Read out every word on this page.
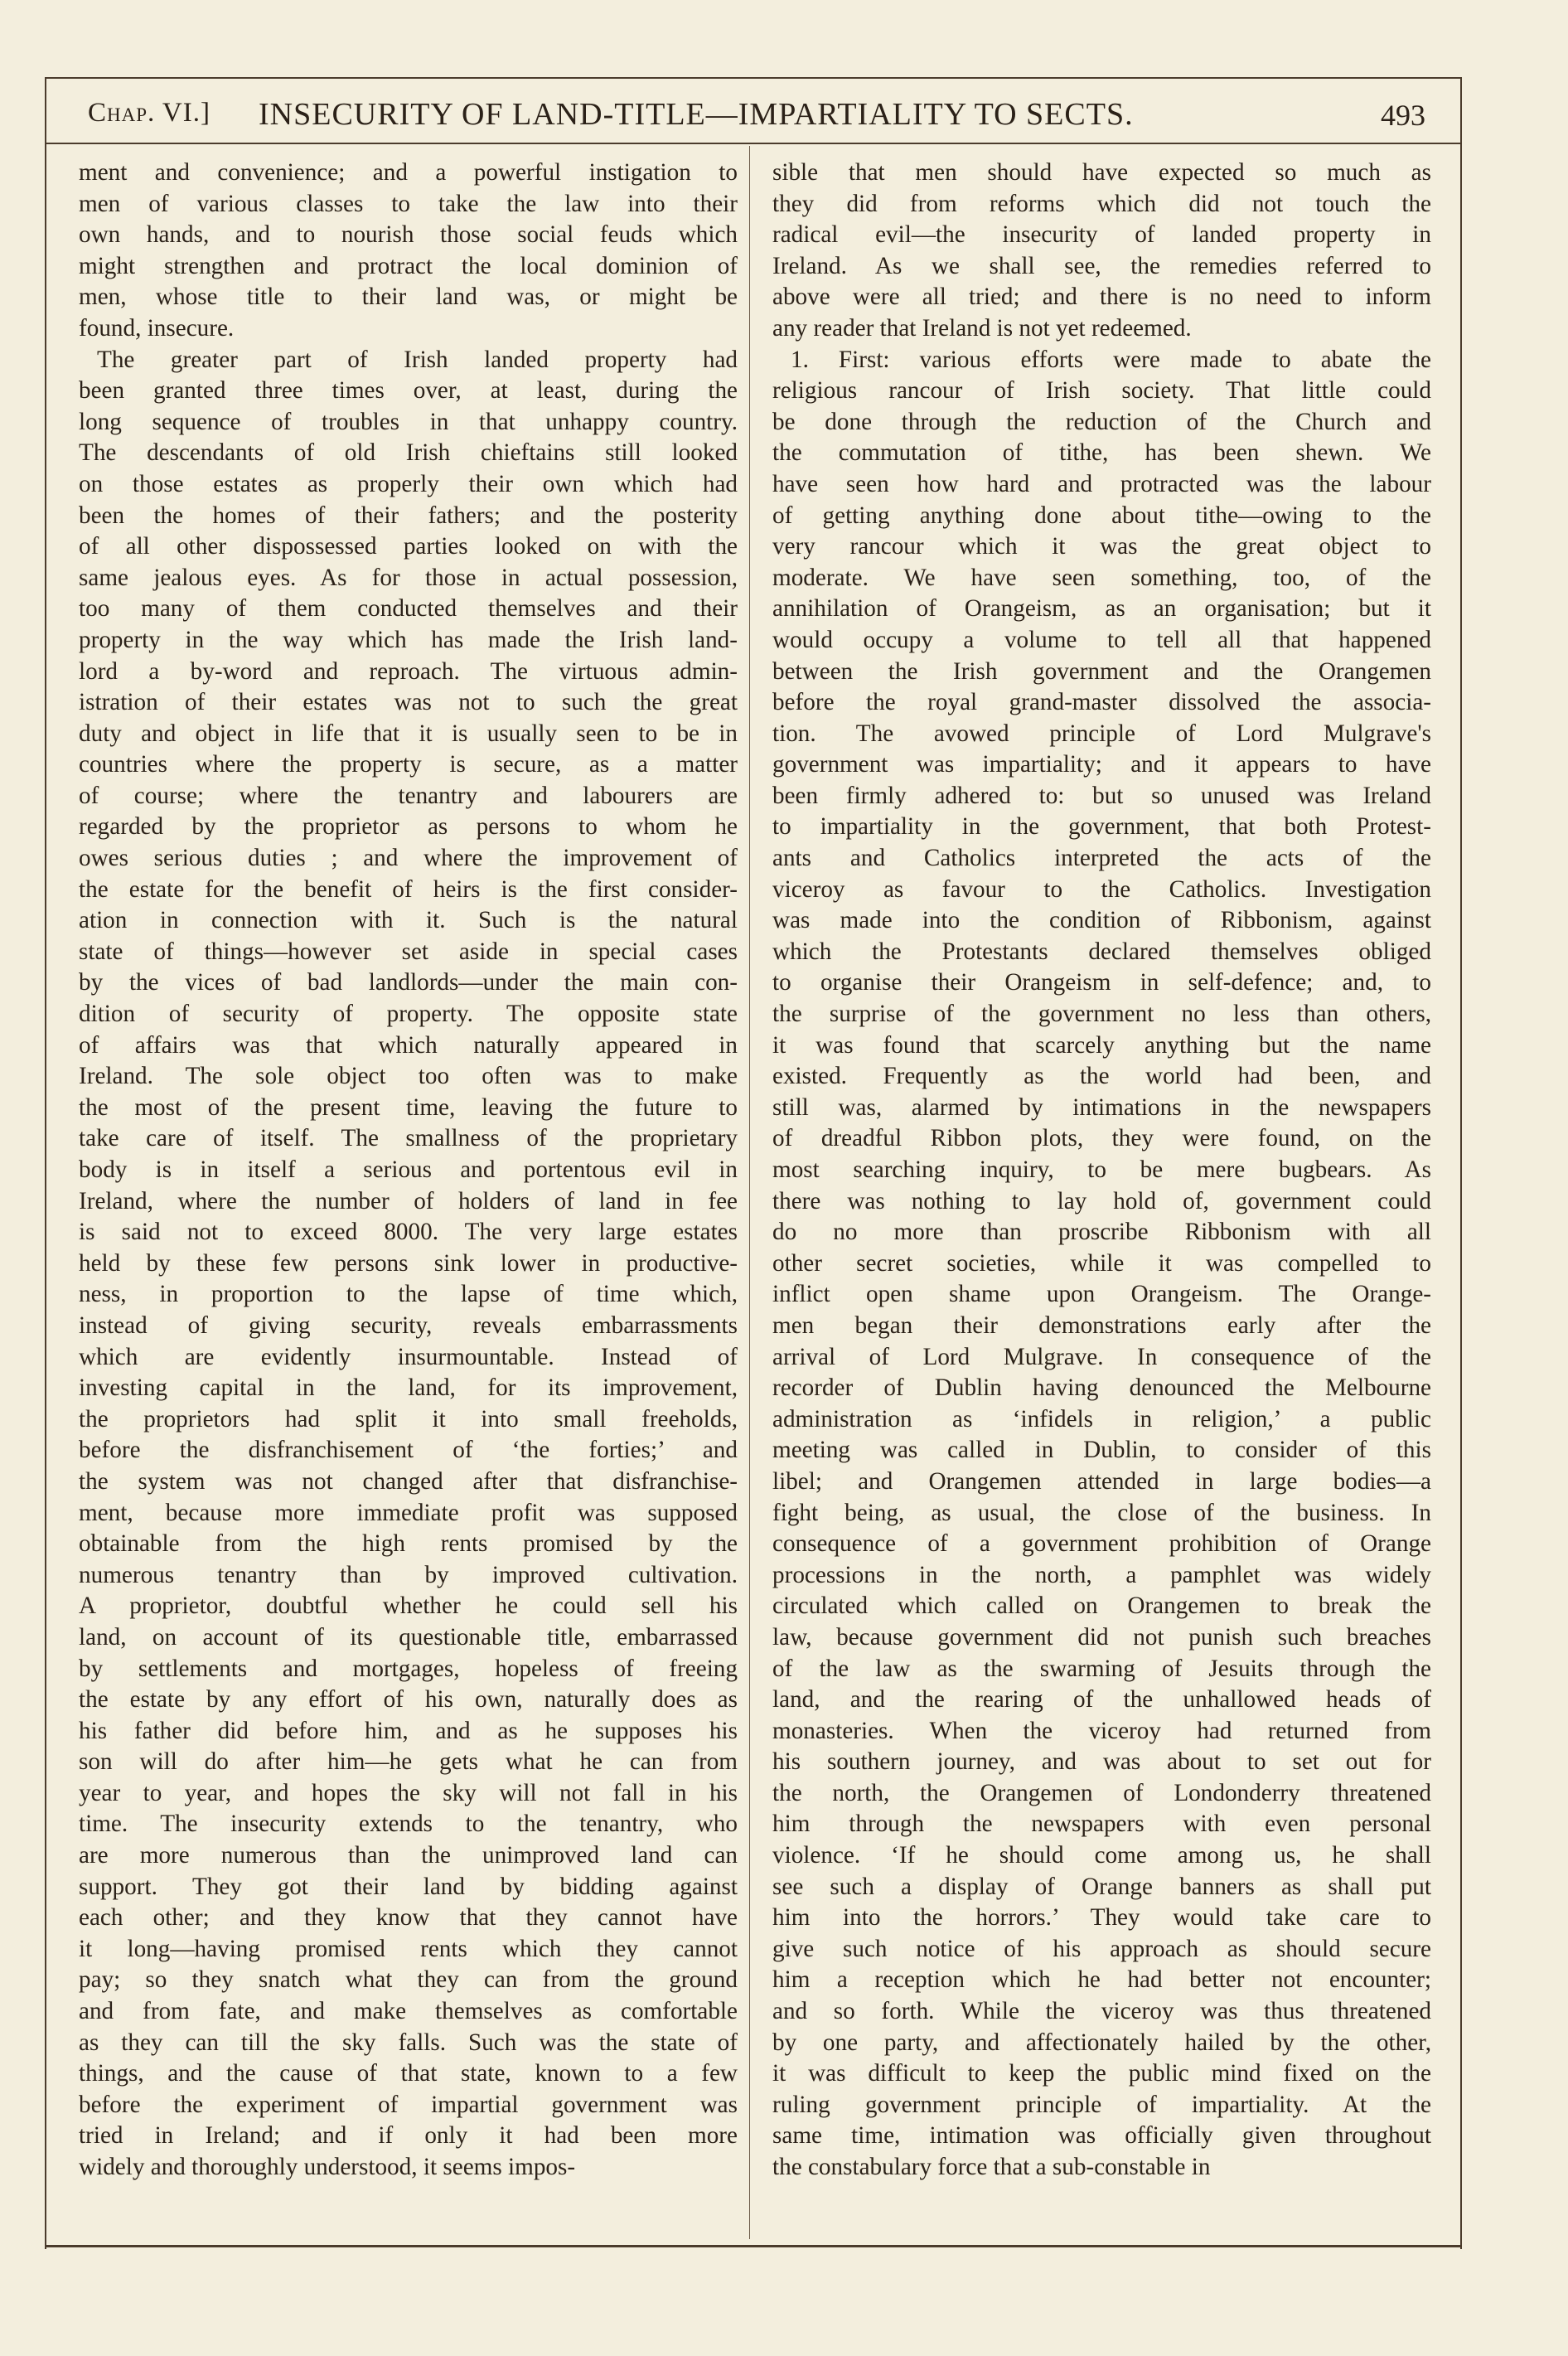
Chap. VI.] INSECURITY OF LAND-TITLE—IMPARTIALITY TO SECTS.	493
ment and convenience; and a powerful instigation to
men of various classes to take the law into their
own hands, and to nourish those social feuds which
might strengthen and protract the local dominion of
men, whose title to their land was, or might be
found, insecure.
The greater part of Irish landed property had
been granted three times over, at least, during the
long sequence of troubles in that unhappy country.
The descendants of old Irish chieftains still looked
on those estates as properly their own which had
been the homes of their fathers; and the posterity
of all other dispossessed parties looked on with the
same jealous eyes. As for those in actual possession,
too many of them conducted themselves and their
property in the way which has made the Irish land-
lord a by-word and reproach. The virtuous admin-
istration of their estates was not to such the great
duty and object in life that it is usually seen to be in
countries where the property is secure, as a matter
of course; where the tenantry and labourers are
regarded by the proprietor as persons to whom he
owes serious duties ; and where the improvement of
the estate for the benefit of heirs is the first consider-
ation in connection with it. Such is the natural
state of things—however set aside in special cases
by the vices of bad landlords—under the main con-
dition of security of property. The opposite state
of affairs was that which naturally appeared in
Ireland. The sole object too often was to make
the most of the present time, leaving the future to
take care of itself. The smallness of the proprietary
body is in itself a serious and portentous evil in
Ireland, where the number of holders of land in fee
is said not to exceed 8000. The very large estates
held by these few persons sink lower in productive-
ness, in proportion to the lapse of time which,
instead of giving security, reveals embarrassments
which are evidently insurmountable. Instead of
investing capital in the land, for its improvement,
the proprietors had split it into small freeholds,
before the disfranchisement of ‘the forties;’ and
the system was not changed after that disfranchise-
ment, because more immediate profit was supposed
obtainable from the high rents promised by the
numerous tenantry than by improved cultivation.
A proprietor, doubtful whether he could sell his
land, on account of its questionable title, embarrassed
by settlements and mortgages, hopeless of freeing
the estate by any effort of his own, naturally does as
his father did before him, and as he supposes his
son will do after him—he gets what he can from
year to year, and hopes the sky will not fall in his
time. The insecurity extends to the tenantry, who
are more numerous than the unimproved land can
support. They got their land by bidding against
each other; and they know that they cannot have
it long—having promised rents which they cannot
pay; so they snatch what they can from the ground
and from fate, and make themselves as comfortable
as they can till the sky falls. Such was the state of
things, and the cause of that state, known to a few
before the experiment of impartial government was
tried in Ireland; and if only it had been more
widely and thoroughly understood, it seems impos-
sible that men should have expected so much as
they did from reforms which did not touch the
radical evil—the insecurity of landed property in
Ireland. As we shall see, the remedies referred to
above were all tried; and there is no need to inform
any reader that Ireland is not yet redeemed.
1. First: various efforts were made to abate the
religious rancour of Irish society. That little could
be done through the reduction of the Church and
the commutation of tithe, has been shewn. We
have seen how hard and protracted was the labour
of getting anything done about tithe—owing to the
very rancour which it was the great object to
moderate. We have seen something, too, of the
annihilation of Orangeism, as an organisation; but it
would occupy a volume to tell all that happened
between the Irish government and the Orangemen
before the royal grand-master dissolved the associa-
tion. The avowed principle of Lord Mulgrave's
government was impartiality; and it appears to have
been firmly adhered to: but so unused was Ireland
to impartiality in the government, that both Protest-
ants and Catholics interpreted the acts of the
viceroy as favour to the Catholics. Investigation
was made into the condition of Ribbonism, against
which the Protestants declared themselves obliged
to organise their Orangeism in self-defence; and, to
the surprise of the government no less than others,
it was found that scarcely anything but the name
existed. Frequently as the world had been, and
still was, alarmed by intimations in the newspapers
of dreadful Ribbon plots, they were found, on the
most searching inquiry, to be mere bugbears. As
there was nothing to lay hold of, government could
do no more than proscribe Ribbonism with all
other secret societies, while it was compelled to
inflict open shame upon Orangeism. The Orange-
men began their demonstrations early after the
arrival of Lord Mulgrave. In consequence of the
recorder of Dublin having denounced the Melbourne
administration as ‘infidels in religion,’ a public
meeting was called in Dublin, to consider of this
libel; and Orangemen attended in large bodies—a
fight being, as usual, the close of the business. In
consequence of a government prohibition of Orange
processions in the north, a pamphlet was widely
circulated which called on Orangemen to break the
law, because government did not punish such breaches
of the law as the swarming of Jesuits through the
land, and the rearing of the unhallowed heads of
monasteries. When the viceroy had returned from
his southern journey, and was about to set out for
the north, the Orangemen of Londonderry threatened
him through the newspapers with even personal
violence. ‘If he should come among us, he shall
see such a display of Orange banners as shall put
him into the horrors.’ They would take care to
give such notice of his approach as should secure
him a reception which he had better not encounter;
and so forth. While the viceroy was thus threatened
by one party, and affectionately hailed by the other,
it was difficult to keep the public mind fixed on the
ruling government principle of impartiality. At the
same time, intimation was officially given throughout
the constabulary force that a sub-constable in
